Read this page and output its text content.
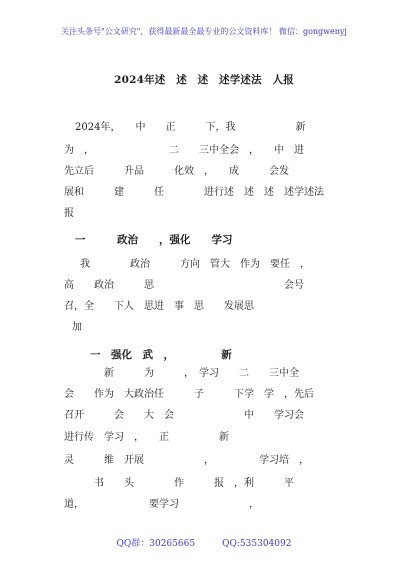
关注头条号"公文研究"，获得最新最全最专业的公文资料库！ 微信：gongwenyj
2024年述　述　述　述学述法　人报
2024年，　　中　　正　　　下，我　　　　　　新
为　，　　　　　　　　二　　三中全会　，　　中　进
先立后　　　升品　　　化效　，　　成　　　会发
展和　　　建　　　任　　　　进行述　述　述　述学述法
报
一　　　政治　　，强化　　学习
我　　　　政治　　　方向　管大　作为　要任　，
高　　政治　　　思　　　　　　　　　　　　　会号
召，全　　下人　思进　事　思　　发展思
加
一　强化　武　，　　　　　新
　　　　新　　　为　　　，　学习　　二　　三中全
会　　作为　大政治任　　　子　　　下学　学　，先后
召开　　　会　　大　会　　　　　　　中　　学习会
进行传　学习　，　　正　　　　　新
灵　　　维　开展　　　　　　，　　　　　学习培　，
　　　书　　头　　　　作　　　报　，利　　　平
道，　　　　　　　要学习　　　　　　　，
QQ群：30265665　　　	QQ:535304092
